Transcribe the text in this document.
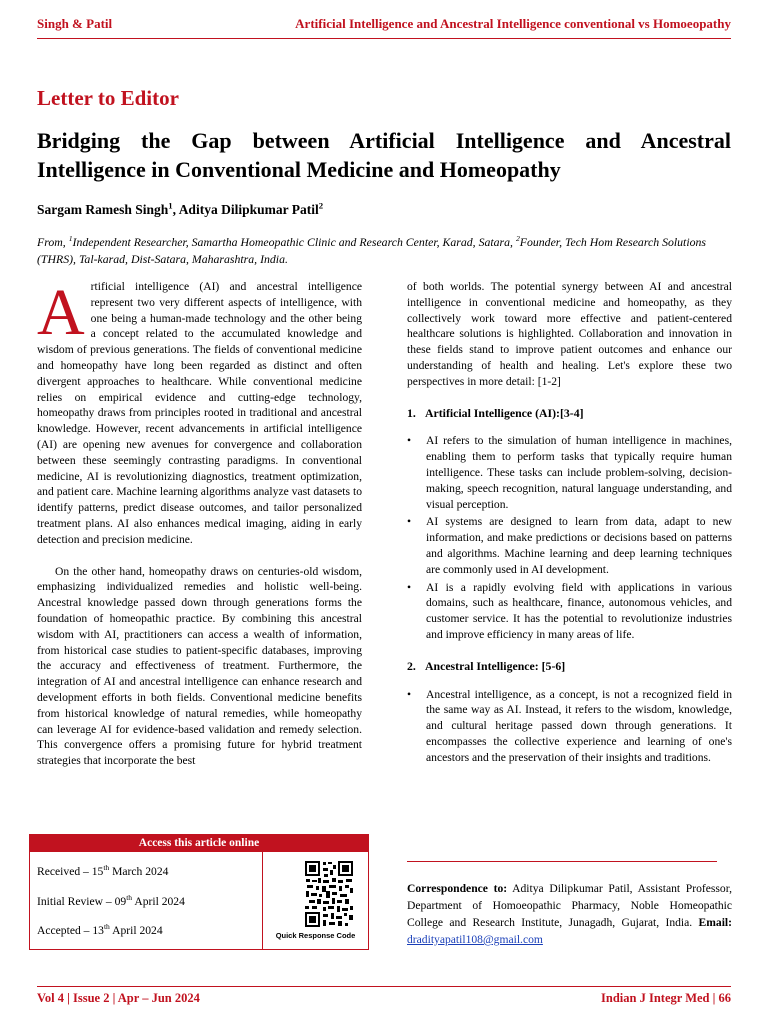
Singh & Patil	Artificial Intelligence and Ancestral Intelligence conventional vs Homoeopathy
Letter to Editor
Bridging the Gap between Artificial Intelligence and Ancestral Intelligence in Conventional Medicine and Homeopathy
Sargam Ramesh Singh$^1$, Aditya Dilipkumar Patil$^2$
From, $^1$Independent Researcher, Samartha Homeopathic Clinic and Research Center, Karad, Satara, $^2$Founder, Tech Hom Research Solutions (THRS), Tal-karad, Dist-Satara, Maharashtra, India.

Artificial intelligence (AI) and ancestral intelligence represent two very different aspects of intelligence, with one being a human-made technology and the other being a concept related to the accumulated knowledge and wisdom of previous generations. The fields of conventional medicine and homeopathy have long been regarded as distinct and often divergent approaches to healthcare. While conventional medicine relies on empirical evidence and cutting-edge technology, homeopathy draws from principles rooted in traditional and ancestral knowledge. However, recent advancements in artificial intelligence (AI) are opening new avenues for convergence and collaboration between these seemingly contrasting paradigms. In conventional medicine, AI is revolutionizing diagnostics, treatment optimization, and patient care. Machine learning algorithms analyze vast datasets to identify patterns, predict disease outcomes, and tailor personalized treatment plans. AI also enhances medical imaging, aiding in early detection and precision medicine.

On the other hand, homeopathy draws on centuries-old wisdom, emphasizing individualized remedies and holistic well-being. Ancestral knowledge passed down through generations forms the foundation of homeopathic practice. By combining this ancestral wisdom with AI, practitioners can access a wealth of information, from historical case studies to patient-specific databases, improving the accuracy and effectiveness of treatment. Furthermore, the integration of AI and ancestral intelligence can enhance research and development efforts in both fields. Conventional medicine benefits from historical knowledge of natural remedies, while homeopathy can leverage AI for evidence-based validation and remedy selection. This convergence offers a promising future for hybrid treatment strategies that incorporate the best

of both worlds. The potential synergy between AI and ancestral intelligence in conventional medicine and homeopathy, as they collectively work toward more effective and patient-centered healthcare solutions is highlighted. Collaboration and innovation in these fields stand to improve patient outcomes and enhance our understanding of health and healing. Let's explore these two perspectives in more detail: [1-2]

1. Artificial Intelligence (AI):[3-4]
• AI refers to the simulation of human intelligence in machines, enabling them to perform tasks that typically require human intelligence. These tasks can include problem-solving, decision-making, speech recognition, natural language understanding, and visual perception.
• AI systems are designed to learn from data, adapt to new information, and make predictions or decisions based on patterns and algorithms. Machine learning and deep learning techniques are commonly used in AI development.
• AI is a rapidly evolving field with applications in various domains, such as healthcare, finance, autonomous vehicles, and customer service. It has the potential to revolutionize industries and improve efficiency in many areas of life.
2. Ancestral Intelligence: [5-6]
• Ancestral intelligence, as a concept, is not a recognized field in the same way as AI. Instead, it refers to the wisdom, knowledge, and cultural heritage passed down through generations. It encompasses the collective experience and learning of one's ancestors and the preservation of their insights and traditions.
Correspondence to: Aditya Dilipkumar Patil, Assistant Professor, Department of Homoeopathic Pharmacy, Noble Homeopathic College and Research Institute, Junagadh, Gujarat, India. Email: dradityapatil108@gmail.com
Access this article online
Received – 15th March 2024
Initial Review – 09th April 2024
Accepted – 13th April 2024	Quick Response Code
Vol 4 | Issue 2 | Apr – Jun 2024	Indian J Integr Med | 66
